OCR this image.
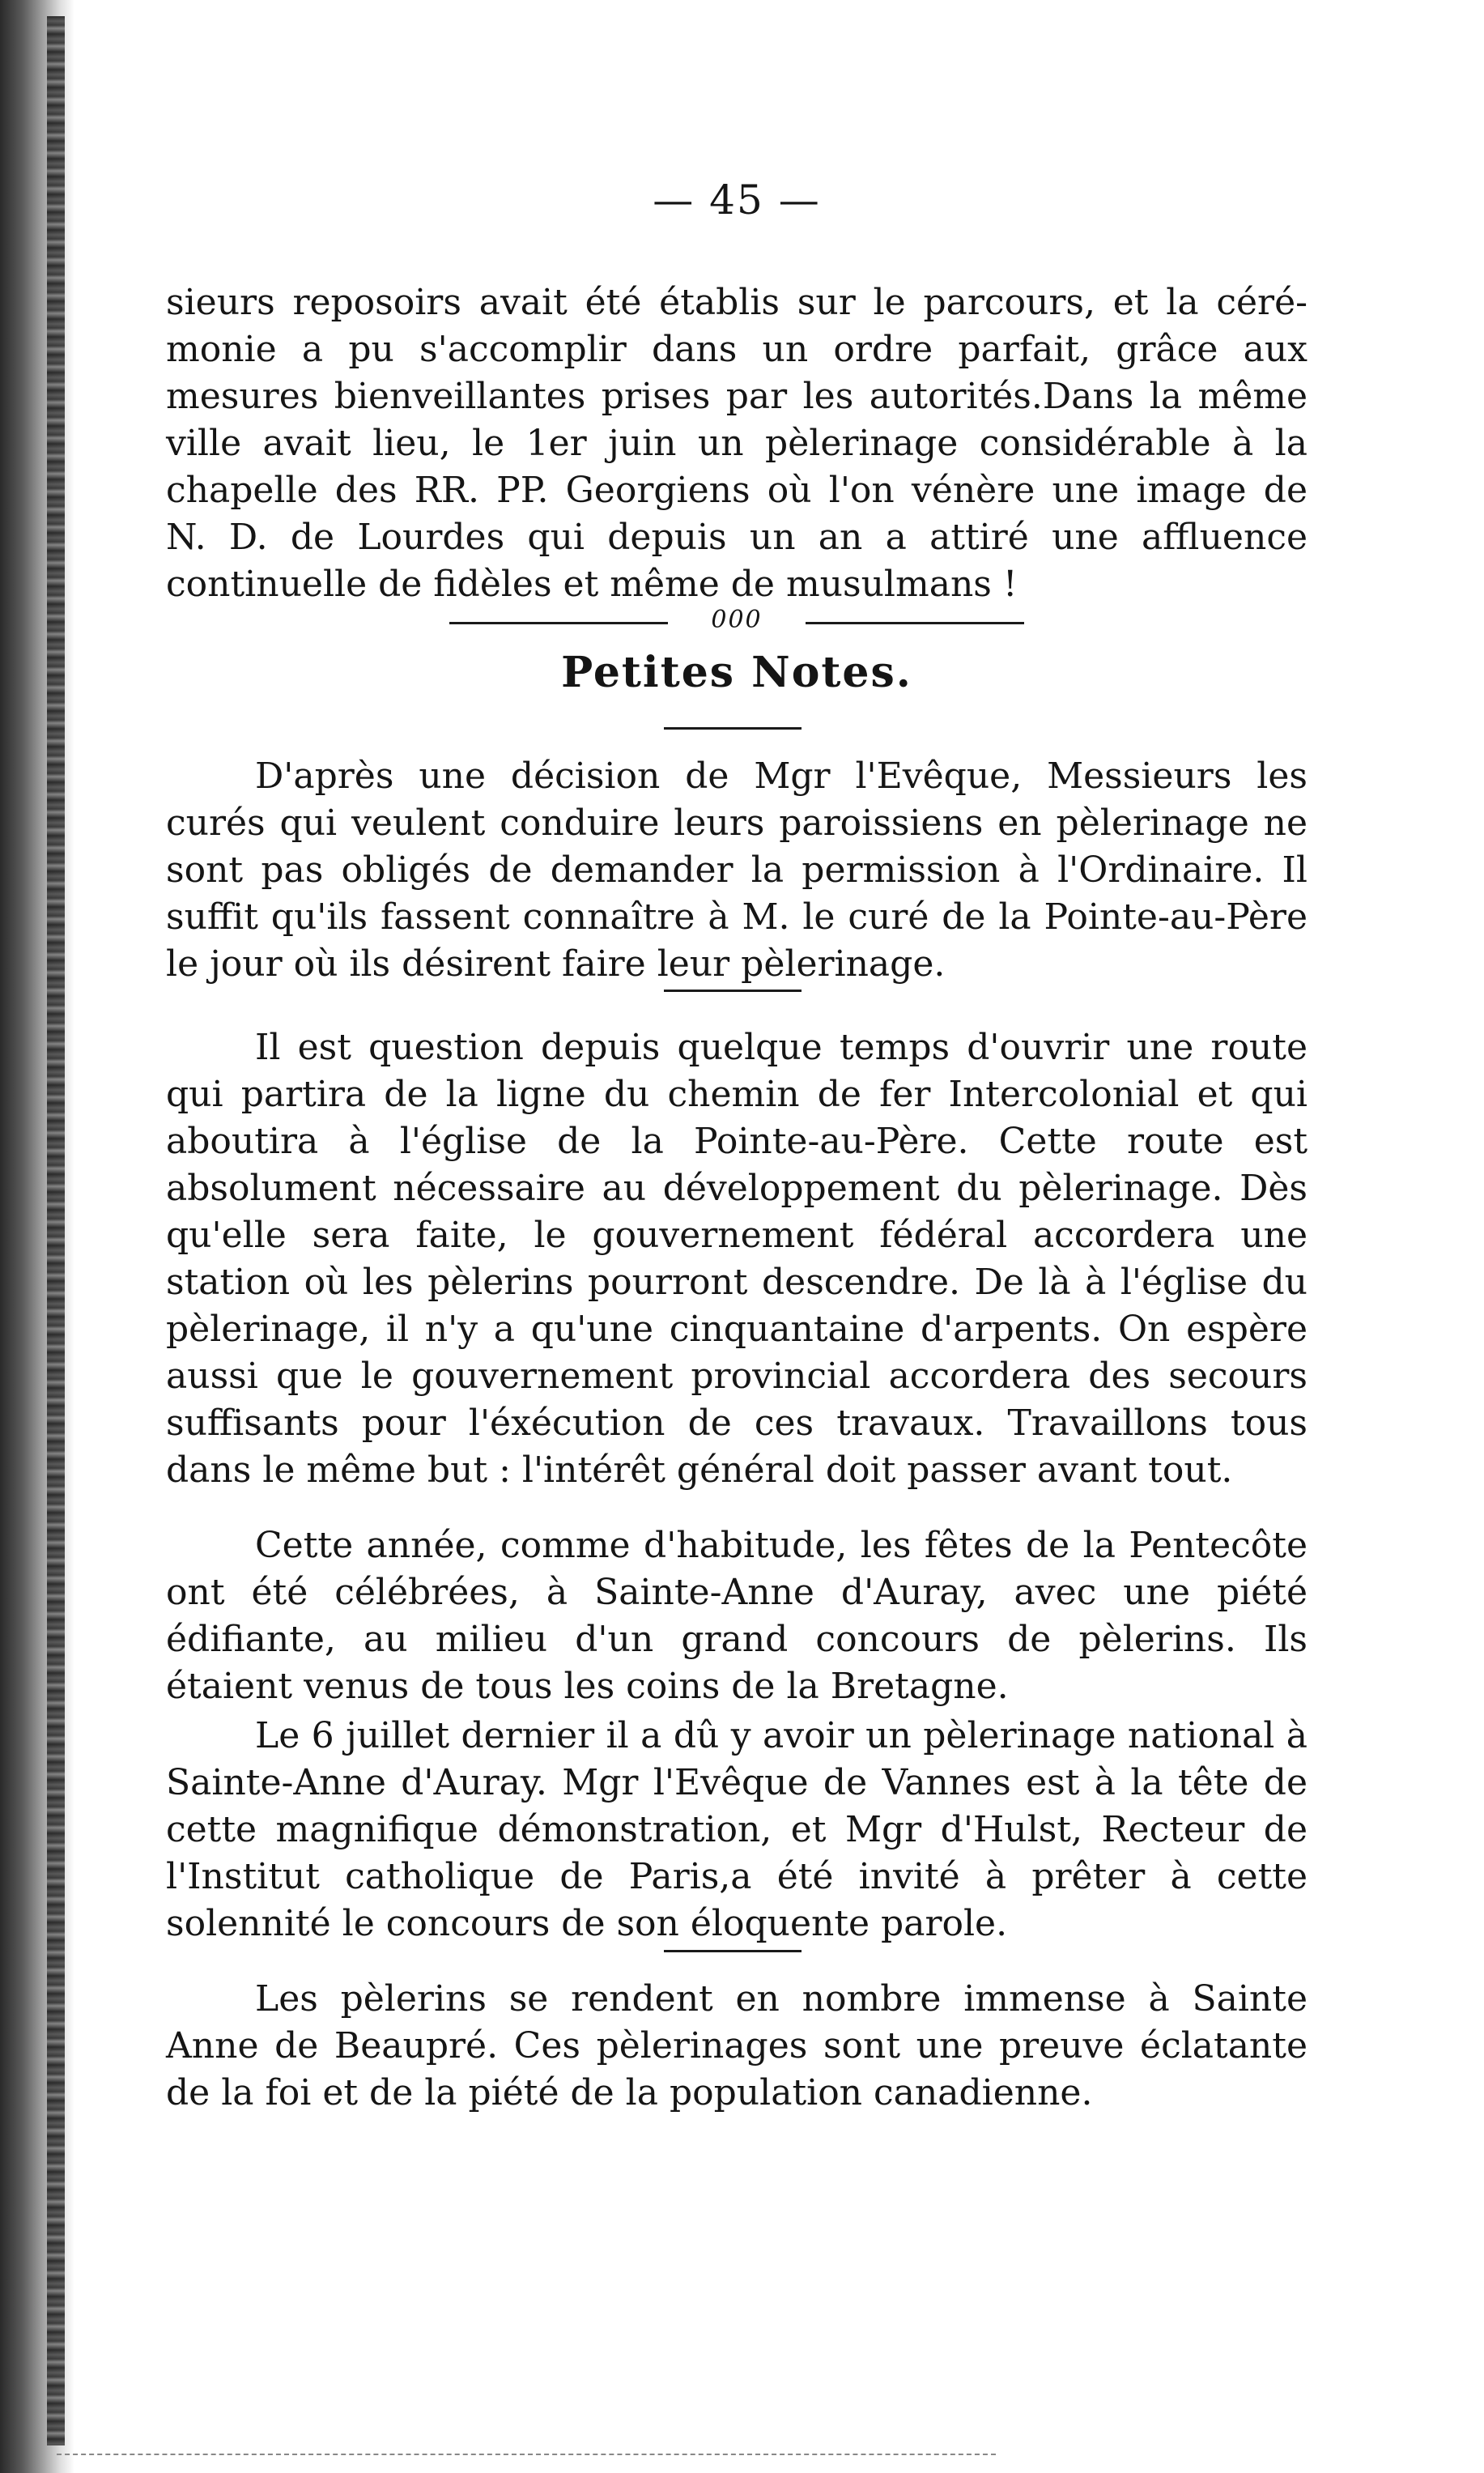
— 45 —

sieurs reposoirs avait été établis sur le parcours, et la céré-

monie a pu s'accomplir dans un ordre parfait, grâce aux

mesures bienveillantes prises par les autorités.Dans la même

ville avait lieu, le 1er juin un pèlerinage considérable à la

chapelle des RR. PP. Georgiens où l'on vénère une image de

N. D. de Lourdes qui depuis un an a attiré une affluence

continuelle de fidèles et même de musulmans !

000
Petites Notes.

D'après une décision de Mgr l'Evêque, Messieurs les curés qui veulent conduire leurs paroissiens en pèlerinage ne sont pas obligés de demander la permission à l'Ordinaire. Il suffit qu'ils fassent connaître à M. le curé de la Pointe-au-Père le jour où ils désirent faire leur pèlerinage.

Il est question depuis quelque temps d'ouvrir une route qui partira de la ligne du chemin de fer Intercolonial et qui aboutira à l'église de la Pointe-au-Père. Cette route est absolument nécessaire au développement du pèlerinage. Dès qu'elle sera faite, le gouvernement fédéral accordera une station où les pèlerins pourront descendre. De là à l'église du pèlerinage, il n'y a qu'une cinquantaine d'arpents. On espère aussi que le gouvernement provincial accordera des secours suffisants pour l'éxécution de ces travaux. Travaillons tous dans le même but : l'intérêt général doit passer avant tout.

Cette année, comme d'habitude, les fêtes de la Pentecôte ont été célébrées, à Sainte-Anne d'Auray, avec une piété édifiante, au milieu d'un grand concours de pèlerins. Ils étaient venus de tous les coins de la Bretagne.

Le 6 juillet dernier il a dû y avoir un pèlerinage national à Sainte-Anne d'Auray. Mgr l'Evêque de Vannes est à la tête de cette magnifique démonstration, et Mgr d'Hulst, Recteur de l'Institut catholique de Paris,a été invité à prêter à cette solennité le concours de son éloquente parole.

Les pèlerins se rendent en nombre immense à Sainte Anne de Beaupré. Ces pèlerinages sont une preuve éclatante de la foi et de la piété de la population canadienne.
